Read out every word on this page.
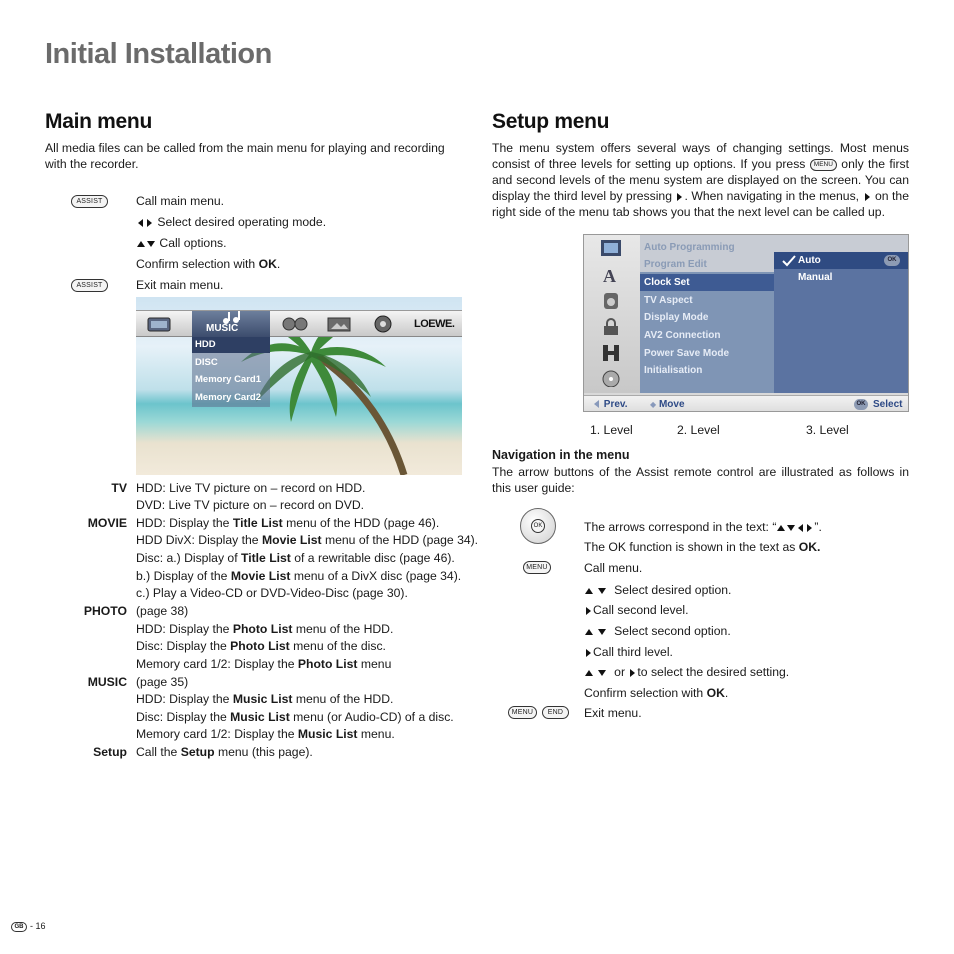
Initial Installation
Main menu
All media files can be called from the main menu for playing and recording with the recorder.
ASSIST	Call main menu.
Select desired operating mode.
Call options.
Confirm selection with OK.
ASSIST	Exit main menu.
MUSIC	LOEWE.
HDD
DISC
Memory Card1
Memory Card2
TV HDD: Live TV picture on – record on HDD.
DVD: Live TV picture on – record on DVD.
MOVIE HDD: Display the Title List menu of the HDD (page 46).
HDD DivX: Display the Movie List menu of the HDD (page 34).
Disc: a.) Display of Title List of a rewritable disc (page 46).
b.) Display of the Movie List menu of a DivX disc (page 34).
c.) Play a Video-CD or DVD-Video-Disc (page 30).
PHOTO (page 38)
HDD: Display the Photo List menu of the HDD.
Disc: Display the Photo List menu of the disc.
Memory card 1/2: Display the Photo List menu
MUSIC (page 35)
HDD: Display the Music List menu of the HDD.
Disc: Display the Music List menu (or Audio-CD) of a disc.
Memory card 1/2: Display the Music List menu.
Setup Call the Setup menu (this page).
Setup menu
The menu system offers several ways of changing settings. Most menus consist of three levels for setting up options. If you press MENU only the first and second levels of the menu system are displayed on the screen. You can display the third level by pressing . When navigating in the menus,  on the right side of the menu tab shows you that the next level can be called up.
A
Auto Programming
Program Edit
Clock Set
TV Aspect
Display Mode
AV2 Connection
Power Save Mode
Initialisation
Auto	OK
Manual
Prev.	◆ Move	OK Select
1. Level	2. Level	3. Level
Navigation in the menu
The arrow buttons of the Assist remote control are illustrated as follows in this user guide:
OK	The arrows correspond in the text: “	”.
The OK function is shown in the text as OK.
MENU	Call menu.
Select desired option.
Call second level.
Select second option.
Call third level.
or to select the desired setting.
Confirm selection with OK.
MENU	END	Exit menu.
GB - 16
